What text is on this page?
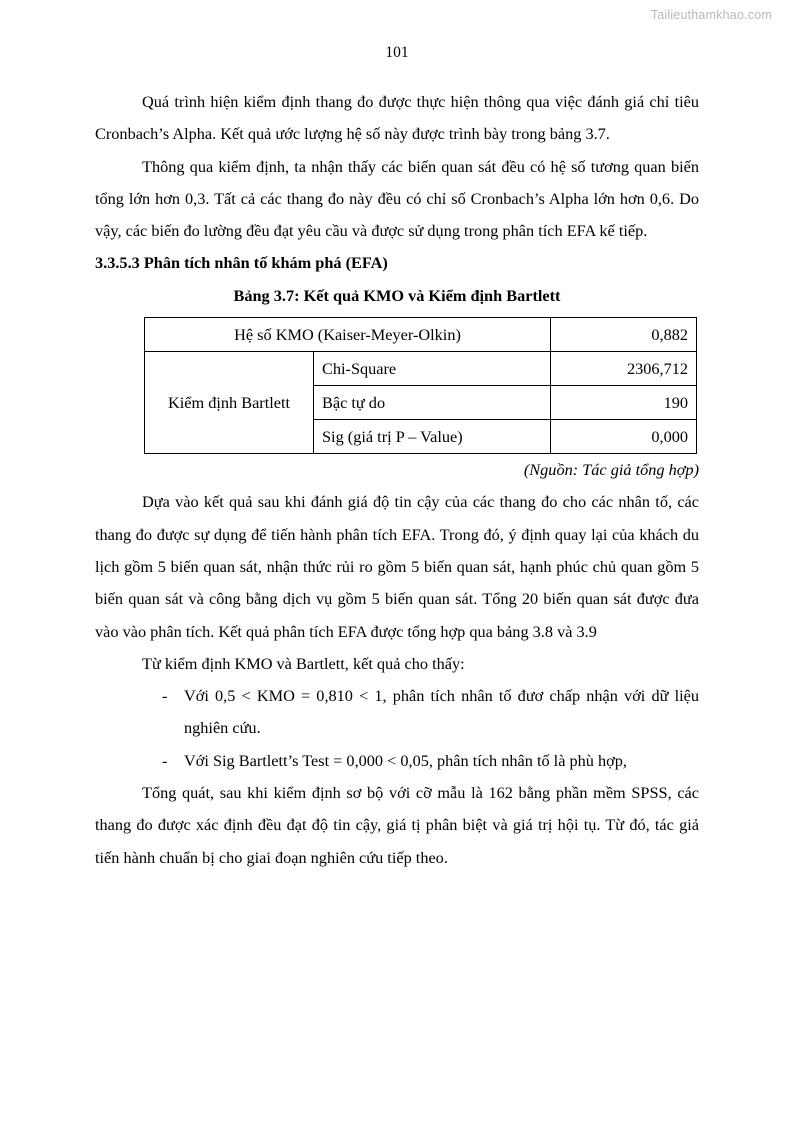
Tailieuthamkhao.com
101

Quá trình hiện kiểm định thang đo được thực hiện thông qua việc đánh giá chỉ tiêu Cronbach’s Alpha. Kết quả ước lượng hệ số này được trình bày trong bảng 3.7.

Thông qua kiểm định, ta nhận thấy các biến quan sát đều có hệ số tương quan biến tổng lớn hơn 0,3. Tất cả các thang đo này đều có chỉ số Cronbach’s Alpha lớn hơn 0,6. Do vậy, các biến đo lường đều đạt yêu cầu và được sử dụng trong phân tích EFA kế tiếp.

3.3.5.3 Phân tích nhân tố khám phá (EFA)

Bảng 3.7: Kết quả KMO và Kiểm định Bartlett

Hệ số KMO (Kaiser-Meyer-Olkin)		0,882
Kiểm định Bartlett	Chi-Square	2306,712
	Bậc tự do	190
	Sig (giá trị P – Value)	0,000

(Nguồn: Tác giả tổng hợp)

Dựa vào kết quả sau khi đánh giá độ tin cậy của các thang đo cho các nhân tố, các thang đo được sự dụng để tiến hành phân tích EFA. Trong đó, ý định quay lại của khách du lịch gồm 5 biến quan sát, nhận thức rủi ro gồm 5 biến quan sát, hạnh phúc chủ quan gồm 5 biến quan sát và công bằng dịch vụ gồm 5 biến quan sát. Tổng 20 biến quan sát được đưa vào vào phân tích. Kết quả phân tích EFA được tổng hợp qua bảng 3.8 và 3.9

Từ kiểm định KMO và Bartlett, kết quả cho thấy:

- Với 0,5 < KMO = 0,810 < 1, phân tích nhân tố đươ chấp nhận với dữ liệu nghiên cứu.
- Với Sig Bartlett’s Test = 0,000 < 0,05, phân tích nhân tố là phù hợp,

Tổng quát, sau khi kiểm định sơ bộ với cỡ mẫu là 162 bằng phần mềm SPSS, các thang đo được xác định đều đạt độ tin cậy, giá tị phân biệt và giá trị hội tụ. Từ đó, tác giả tiến hành chuẩn bị cho giai đoạn nghiên cứu tiếp theo.
